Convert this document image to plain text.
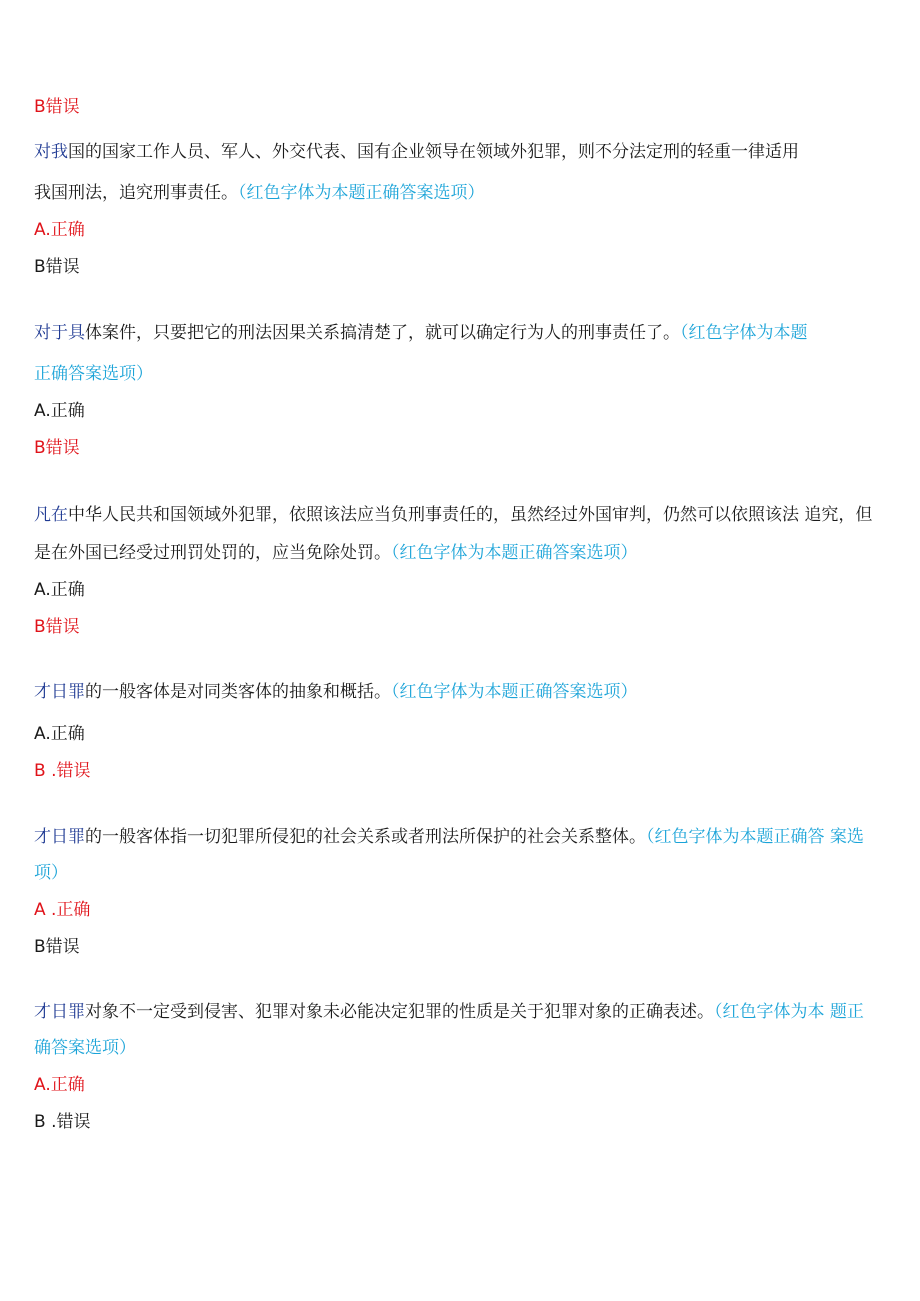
B错误
对我国的国家工作人员、军人、外交代表、国有企业领导在领域外犯罪，则不分法定刑的轻重一律适用
我国刑法，追究刑事责任。（红色字体为本题正确答案选项）
A.正确
B错误
对于具体案件，只要把它的刑法因果关系搞清楚了，就可以确定行为人的刑事责任了。（红色字体为本题
正确答案选项）
A.正确
B错误
凡在中华人民共和国领域外犯罪，依照该法应当负刑事责任的，虽然经过外国审判，仍然可以依照该法 追究，但
是在外国已经受过刑罚处罚的，应当免除处罚。（红色字体为本题正确答案选项）
A.正确
B错误
才日罪的一般客体是对同类客体的抽象和概括。（红色字体为本题正确答案选项）
A.正确
B .错误
才日罪的一般客体指一切犯罪所侵犯的社会关系或者刑法所保护的社会关系整体。（红色字体为本题正确答 案选
项）
A .正确
B错误
才日罪对象不一定受到侵害、犯罪对象未必能决定犯罪的性质是关于犯罪对象的正确表述。（红色字体为本 题正
确答案选项）
A.正确
B .错误
